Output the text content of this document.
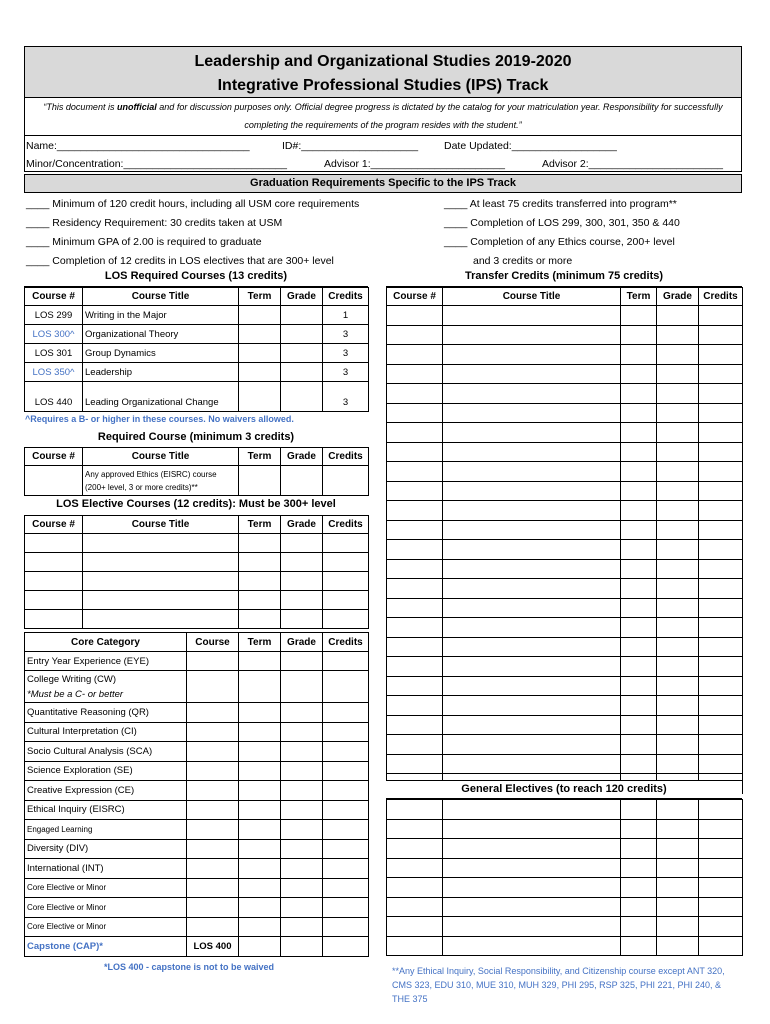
Leadership and Organizational Studies 2019-2020
Integrative Professional Studies (IPS) Track
“This document is unofficial and for discussion purposes only. Official degree progress is dictated by the catalog for your matriculation year. Responsibility for successfully completing the requirements of the program resides with the student.”
Name:_________________________________	ID#:____________________ Date Updated:__________________
Minor/Concentration:____________________________	Advisor 1:_______________________	Advisor 2:_______________________
Graduation Requirements Specific to the IPS Track
____ Minimum of 120 credit hours, including all USM core requirements
____ Residency Requirement: 30 credits taken at USM
____ Minimum GPA of 2.00 is required to graduate
____ Completion of 12 credits in LOS electives that are 300+ level
____ At least 75 credits transferred into program**
____ Completion of LOS 299, 300, 301, 350 & 440
____ Completion of any Ethics course, 200+ level
and 3 credits or more
LOS Required Courses (13 credits)
Course #	Course Title	Term	Grade	Credits
LOS 299	Writing in the Major			1
LOS 300^	Organizational Theory			3
LOS 301	Group Dynamics			3
LOS 350^	Leadership			3
LOS 440	Leading Organizational Change			3
^Requires a B- or higher in these courses. No waivers allowed.
Required Course (minimum 3 credits)
Course #	Course Title	Term	Grade	Credits

	Any approved Ethics (EISRC) course
(200+ level, 3 or more credits)**			

LOS Elective Courses (12 credits): Must be 300+ level
Course #	Course Title	Term	Grade	Credits

Core Category	Course	Term	Grade	Credits
Entry Year Experience (EYE)				

College Writing (CW)
*Must be a C- or better				

Quantitative Reasoning (QR)				
Cultural Interpretation (CI)				
Socio Cultural Analysis (SCA)				
Science Exploration (SE)				
Creative Expression (CE)				
Ethical Inquiry (EISRC)				
Engaged Learning				
Diversity (DIV)				
International (INT)				
Core Elective or Minor				
Core Elective or Minor				
Core Elective or Minor				
Capstone (CAP)*	LOS 400			
*LOS 400 - capstone is not to be waived
Transfer Credits (minimum 75 credits)
Course #	Course Title	Term	Grade	Credits

General Electives (to reach 120 credits)

**Any Ethical Inquiry, Social Responsibility, and Citizenship course except ANT 320, CMS 323, EDU 310, MUE 310, MUH 329, PHI 295, RSP 325, PHI 221, PHI 240, & THE 375
